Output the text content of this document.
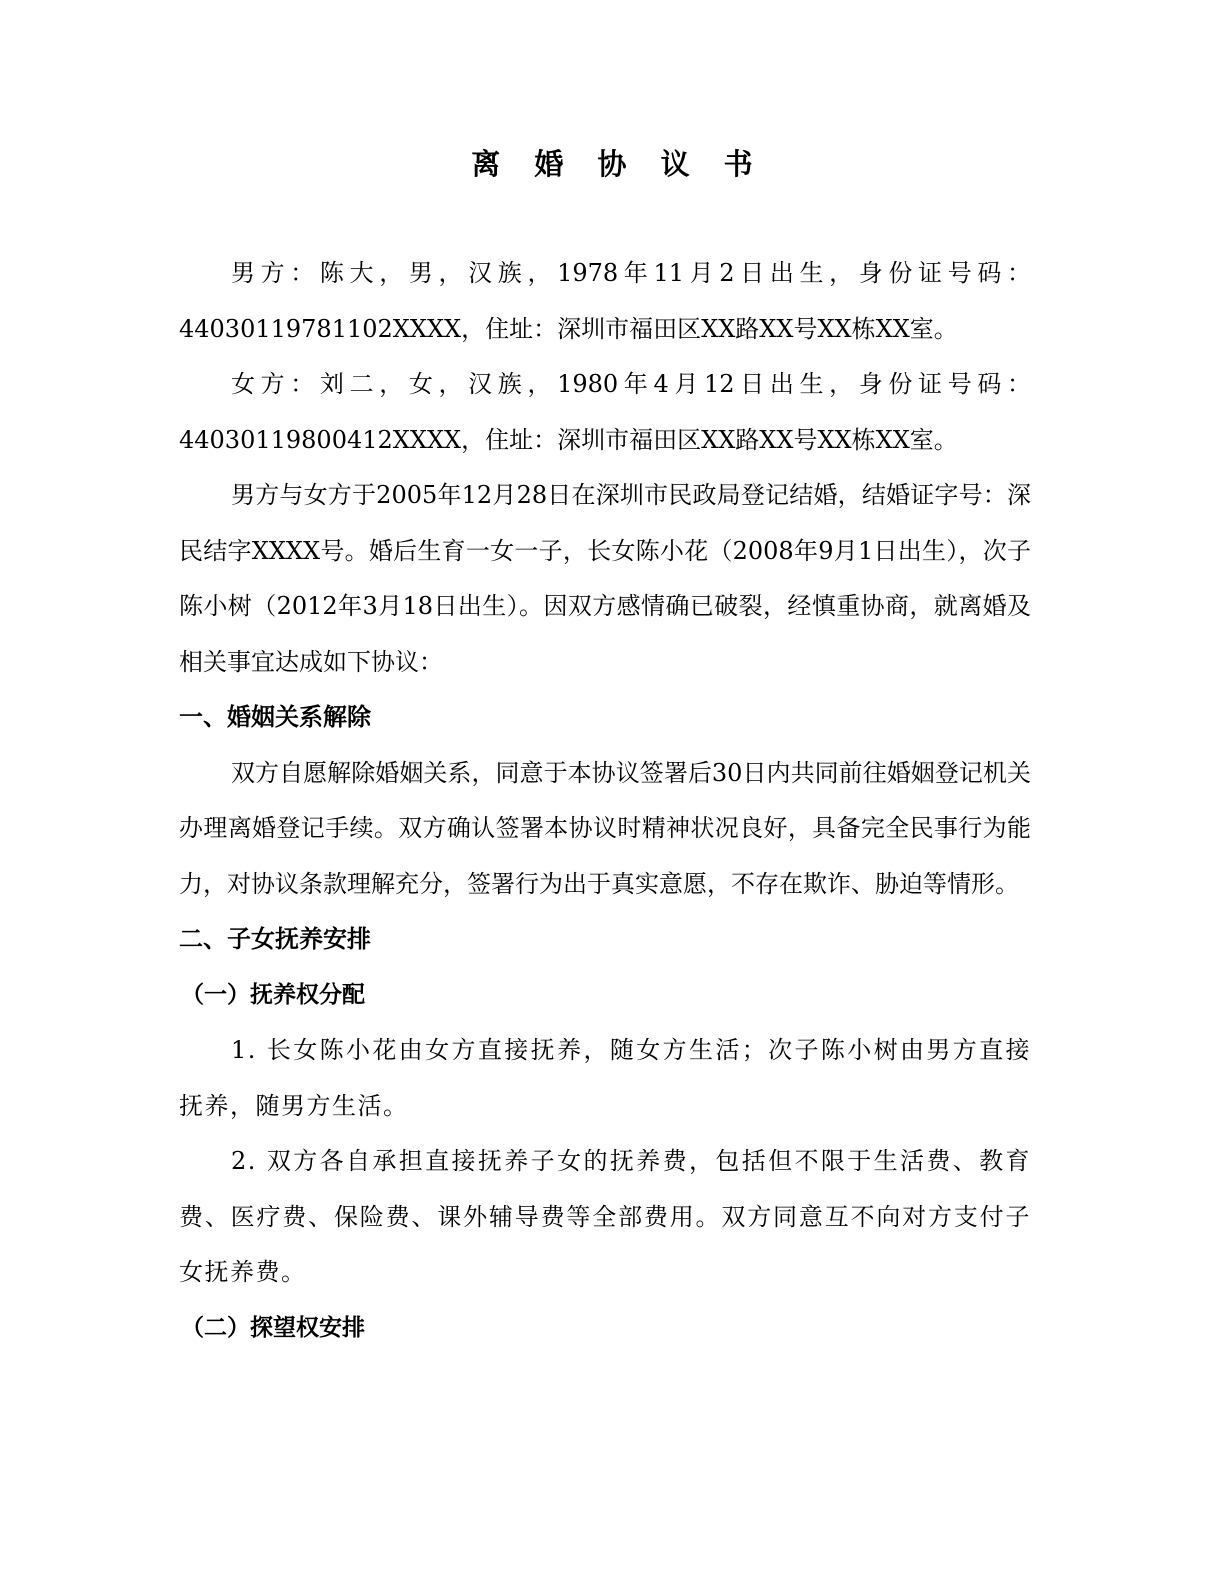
离 婚 协 议 书

男方：陈大，男，汉族，1978年11月2日出生，身份证号码：44030119781102XXXX，住址：深圳市福田区XX路XX号XX栋XX室。

女方：刘二，女，汉族，1980年4月12日出生，身份证号码：44030119800412XXXX，住址：深圳市福田区XX路XX号XX栋XX室。

男方与女方于2005年12月28日在深圳市民政局登记结婚，结婚证字号：深民结字XXXX号。婚后生育一女一子，长女陈小花（2008年9月1日出生），次子陈小树（2012年3月18日出生）。因双方感情确已破裂，经慎重协商，就离婚及相关事宜达成如下协议：

一、婚姻关系解除

双方自愿解除婚姻关系，同意于本协议签署后30日内共同前往婚姻登记机关办理离婚登记手续。双方确认签署本协议时精神状况良好，具备完全民事行为能力，对协议条款理解充分，签署行为出于真实意愿，不存在欺诈、胁迫等情形。

二、子女抚养安排
（一）抚养权分配

1. 长女陈小花由女方直接抚养，随女方生活；次子陈小树由男方直接抚养，随男方生活。

2. 双方各自承担直接抚养子女的抚养费，包括但不限于生活费、教育费、医疗费、保险费、课外辅导费等全部费用。双方同意互不向对方支付子女抚养费。

（二）探望权安排
